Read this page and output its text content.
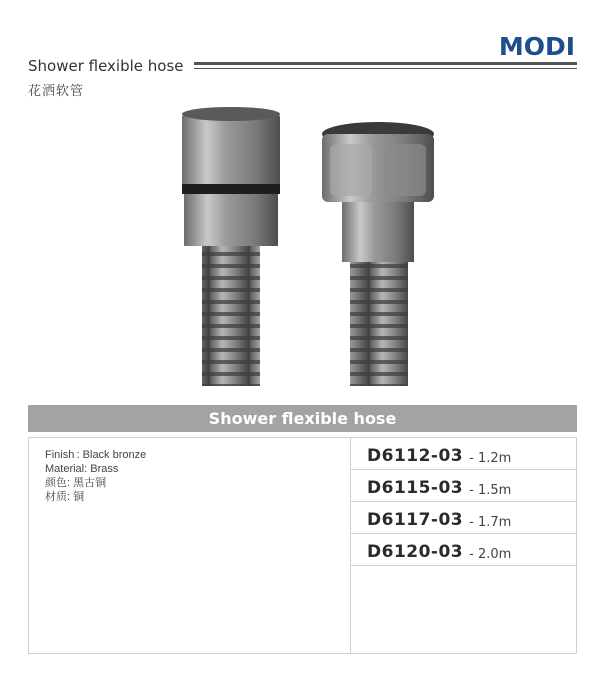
MODI
Shower flexible hose
花洒软管
Shower flexible hose
Finish : Black bronze
Material: Brass
颜色: 黑古铜
材质: 铜
D6112-03 - 1.2m
D6115-03 - 1.5m
D6117-03 - 1.7m
D6120-03 - 2.0m
